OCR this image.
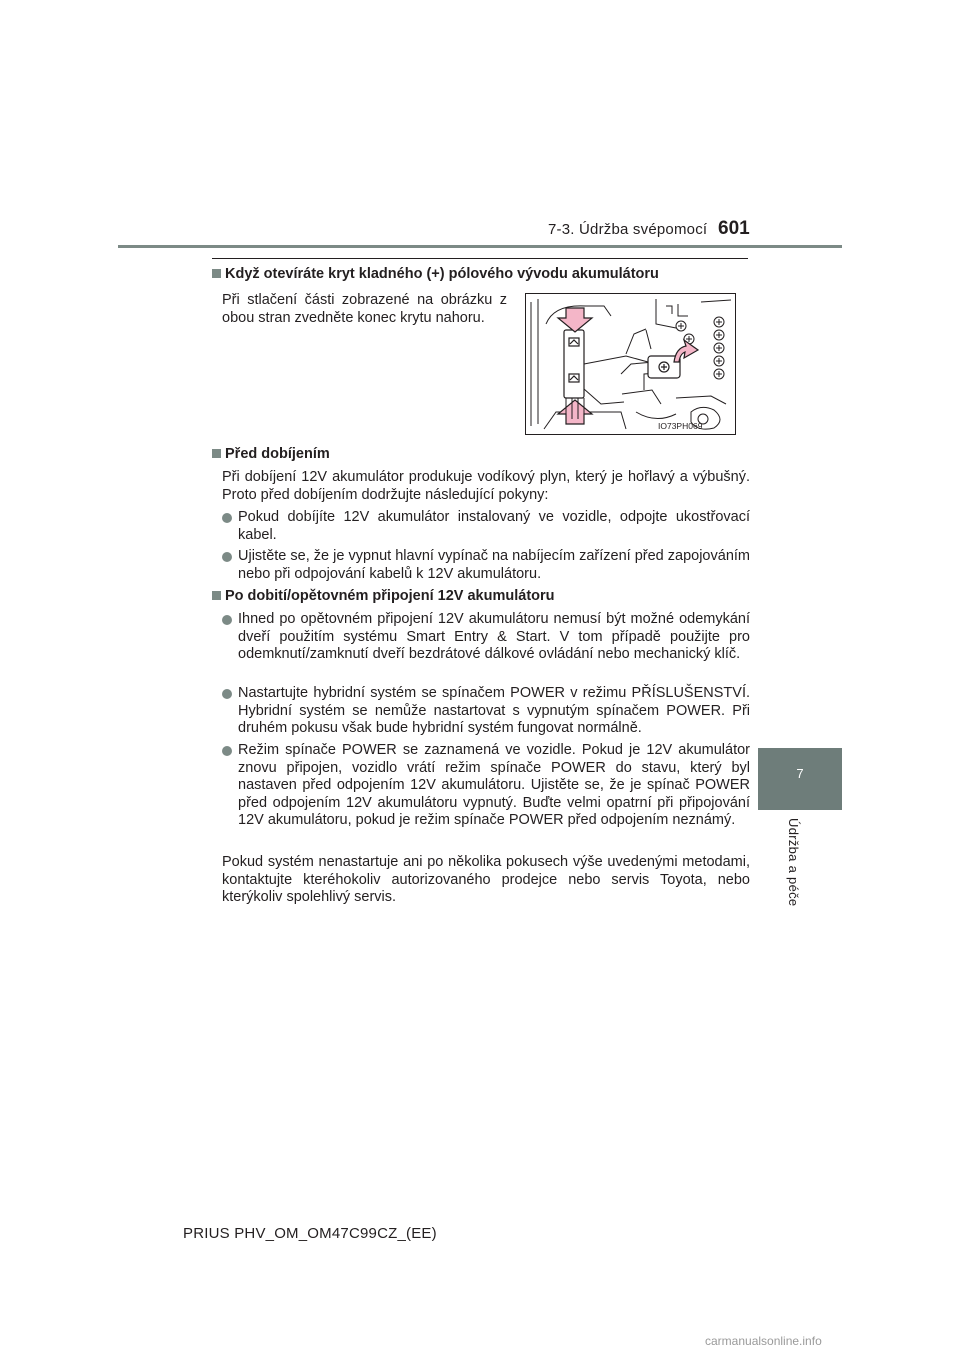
7-3. Údržba svépomocí 601
7
Údržba a péče
Když otevíráte kryt kladného (+) pólového vývodu akumulátoru
Při stlačení části zobrazené na obrázku z obou stran zvedněte konec krytu nahoru.
IO73PH069
Před dobíjením
Při dobíjení 12V akumulátor produkuje vodíkový plyn, který je hořlavý a výbušný. Proto před dobíjením dodržujte následující pokyny:
Pokud dobíjíte 12V akumulátor instalovaný ve vozidle, odpojte ukostřovací kabel.
Ujistěte se, že je vypnut hlavní vypínač na nabíjecím zařízení před zapojováním nebo při odpojování kabelů k 12V akumulátoru.
Po dobití/opětovném připojení 12V akumulátoru
Ihned po opětovném připojení 12V akumulátoru nemusí být možné odemykání dveří použitím systému Smart Entry & Start. V tom případě použijte pro odemknutí/zamknutí dveří bezdrátové dálkové ovládání nebo mechanický klíč.
Nastartujte hybridní systém se spínačem POWER v režimu PŘÍSLUŠENSTVÍ. Hybridní systém se nemůže nastartovat s vypnutým spínačem POWER. Při druhém pokusu však bude hybridní systém fungovat normálně.
Režim spínače POWER se zaznamená ve vozidle. Pokud je 12V akumulátor znovu připojen, vozidlo vrátí režim spínače POWER do stavu, který byl nastaven před odpojením 12V akumulátoru. Ujistěte se, že je spínač POWER před odpojením 12V akumulátoru vypnutý. Buďte velmi opatrní při připojování 12V akumulátoru, pokud je režim spínače POWER před odpojením neznámý.
Pokud systém nenastartuje ani po několika pokusech výše uvedenými metodami, kontaktujte kteréhokoliv autorizovaného prodejce nebo servis Toyota, nebo kterýkoliv spolehlivý servis.
PRIUS PHV_OM_OM47C99CZ_(EE)
carmanualsonline.info
